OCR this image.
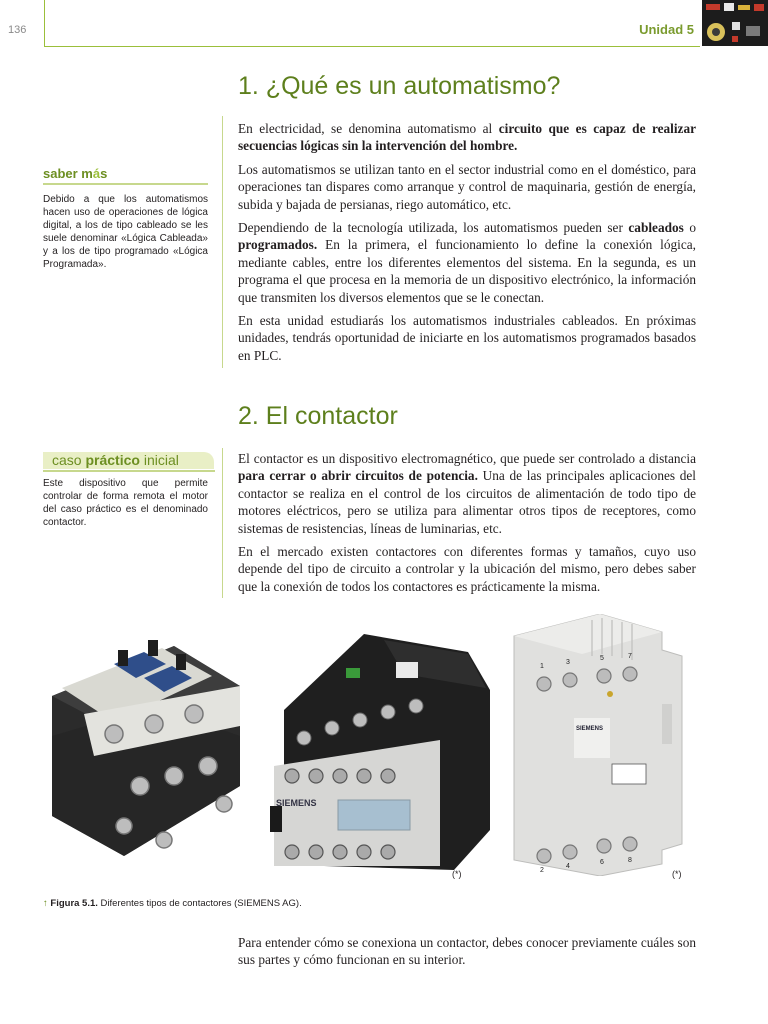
136	Unidad 5
1. ¿Qué es un automatismo?

En electricidad, se denomina automatismo al circuito que es capaz de realizar secuencias lógicas sin la intervención del hombre.

Los automatismos se utilizan tanto en el sector industrial como en el doméstico, para operaciones tan dispares como arranque y control de maquinaria, gestión de energía, subida y bajada de persianas, riego automático, etc.

Dependiendo de la tecnología utilizada, los automatismos pueden ser cableados o programados. En la primera, el funcionamiento lo define la conexión lógica, mediante cables, entre los diferentes elementos del sistema. En la segunda, es un programa el que procesa en la memoria de un dispositivo electrónico, la información que transmiten los diversos elementos que se le conectan.

En esta unidad estudiarás los automatismos industriales cableados. En próximas unidades, tendrás oportunidad de iniciarte en los automatismos programados basados en PLC.

saber más
Debido a que los automatismos hacen uso de operaciones de lógica digital, a los de tipo cableado se les suele denominar «Lógica Cableada» y a los de tipo programado «Lógica Programada».
2. El contactor

El contactor es un dispositivo electromagnético, que puede ser controlado a distancia para cerrar o abrir circuitos de potencia. Una de las principales aplicaciones del contactor se realiza en el control de los circuitos de alimentación de todo tipo de motores eléctricos, pero se utiliza para alimentar otros tipos de receptores, como sistemas de resistencias, líneas de luminarias, etc.

En el mercado existen contactores con diferentes formas y tamaños, cuyo uso depende del tipo de circuito a controlar y la ubicación del mismo, pero debes saber que la conexión de todos los contactores es prácticamente la misma.

caso práctico inicial
Este dispositivo que permite controlar de forma remota el motor del caso práctico es el denominado contactor.
SIEMENS
(*)
SIEMENS
1
3
5	7
2
4
6	8
(*)
↑ Figura 5.1. Diferentes tipos de contactores (SIEMENS AG).

Para entender cómo se conexiona un contactor, debes conocer previamente cuáles son sus partes y cómo funcionan en su interior.
